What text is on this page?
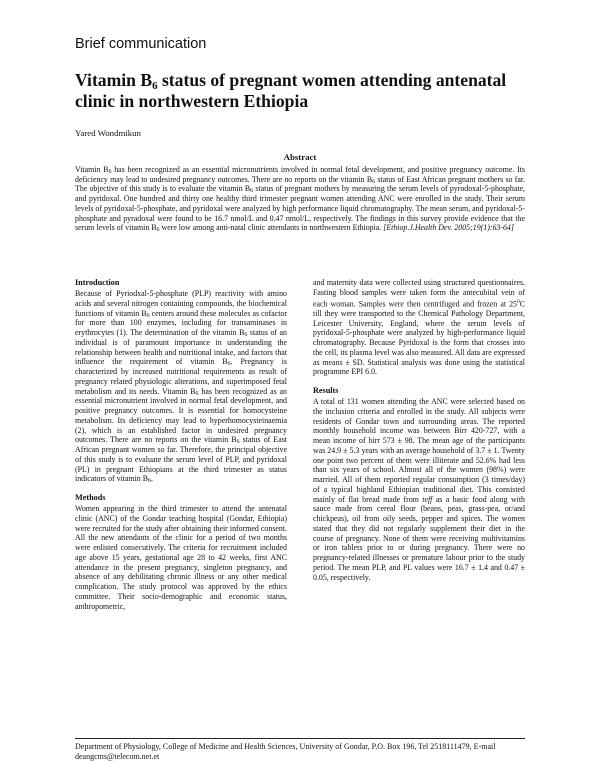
Brief communication
Vitamin $B_6$ status of pregnant women attending antenatal clinic in northwestern Ethiopia
Yared Wondmikun
Abstract

Vitamin $B_6$ has been recognized as an essential micronutrients involved in normal fetal development, and positive pregnancy outcome. Its deficiency may lead to undesired pregnancy outcomes. There are no reports on the vitamin $B_6$ status of East African pregnant mothers so far. The objective of this study is to evaluate the vitamin $B_6$ status of pregnant mothers by measuring the serum levels of pyrodoxal-5-phosphate, and pyridoxal. One hundred and thirty one healthy third trimester pregnant women attending ANC were enrolled in the study. Their serum levels of pyridoxal-5-phosphate, and pyridoxal were analyzed by high performance liquid chromatography. The mean serum, and pyridoxal-5-phosphate and pyradoxal were found to be 16.7 nmol/L and 0.47 nmol/L, respectively. The findings in this survey provide evidence that the serum levels of vitamin $B_6$ were low among anti-natal clinic attendants in northwestern Ethiopia. [Ethiop.J.Health Dev. 2005;19(1):63-64]

Introduction

Because of Pyriodxal-5-phosphate (PLP) reactivity with amino acids and several nitrogen containing compounds, the biochemical functions of vitamin $B_6$ centers around these molecules as cofactor for more than 100 enzymes, including for transaminases in erythrocytes (1). The determination of the vitamin $B_6$ status of an individual is of paramount importance in understanding the relationship between health and nutritional intake, and factors that influence the requirement of vitamin $B_6$. Pregnancy is characterized by increased nutritional requirements as result of pregnancy related physiologic alterations, and superimposed fetal metabolism and its needs. Vitamin $B_6$ has been recognized as an essential micronutrient involved in normal fetal development, and positive pregnancy outcomes. It is essential for homocysteine metabolism. Its deficiency may lead to hyperhomocysteinaemia (2), which is an established factor in undesired pregnancy outcomes. There are no reports on the vitamin $B_6$ status of East African pregnant women so far. Therefore, the principal objective of this study is to evaluate the serum level of PLP, and pyridoxal (PL) in pregnant Ethiopians at the third trimester as status indicators of vitamin $B_6$.

Methods

Women appearing in the third trimester to attend the antenatal clinic (ANC) of the Gondar teaching hospital (Gondar, Ethiopia) were recruited for the study after obtaining their informed consent. All the new attendants of the clinic for a period of two months were enlisted consecutively. The criteria for recruitment included age above 15 years, gestational age 28 to 42 weeks, first ANC attendance in the present pregnancy, singleton pregnancy, and absence of any debilitating chronic illness or any other medical complication. The study protocol was approved by the ethics committee. Their socio-demographic and economic status, anthropometric,

and maternity data were collected using structured questionnaires. Fasting blood samples were taken form the antecubital vein of each woman. Samples were then centrifuged and frozen at $25^0C$ till they were transported to the Chemical Pathology Department, Leicester University, England, where the serum levels of pyridoxal-5-phosphate were analyzed by high-performance liquid chromatography. Because Pyridoxal is the form that crosses into the cell, its plasma level was also measured. All data are expressed as means ± SD. Statistical analysis was done using the statistical programme EPI 6.0.

Results

A total of 131 women attending the ANC were selected based on the inclusion criteria and enrolled in the study. All subjects were residents of Gondar town and surrounding areas. The reported monthly household income was between Birr 420-727, with a mean income of birr 573 ± 98. The mean age of the participants was 24.9 ± 5.3 years with an average household of 3.7 ± 1. Twenty one point two percent of them were illiterate and 52.6% had less than six years of school. Almost all of the women (98%) were married. All of them reported regular consumption (3 times/day) of a typical highland Ethiopian traditional diet. This consisted mainly of flat bread made from teff as a basic food along with sauce made from cereal flour (beans, peas, grass-pea, or/and chickpeas), oil from oily seeds, pepper and spices. The women stated that they did not regularly supplement their diet in the course of pregnancy. None of them were receiving multivitamins or iron tablets prior to or during pregnancy. There were no pregnancy-related illnesses or premature labour prior to the study period. The mean PLP, and PL values were 16.7 ± 1.4 and 0.47 ± 0.05, respectively.

Department of Physiology, College of Medicine and Health Sciences, University of Gondar, P.O. Box 196, Tel 2518111479, E-mail deangcms@telecom.net.et
